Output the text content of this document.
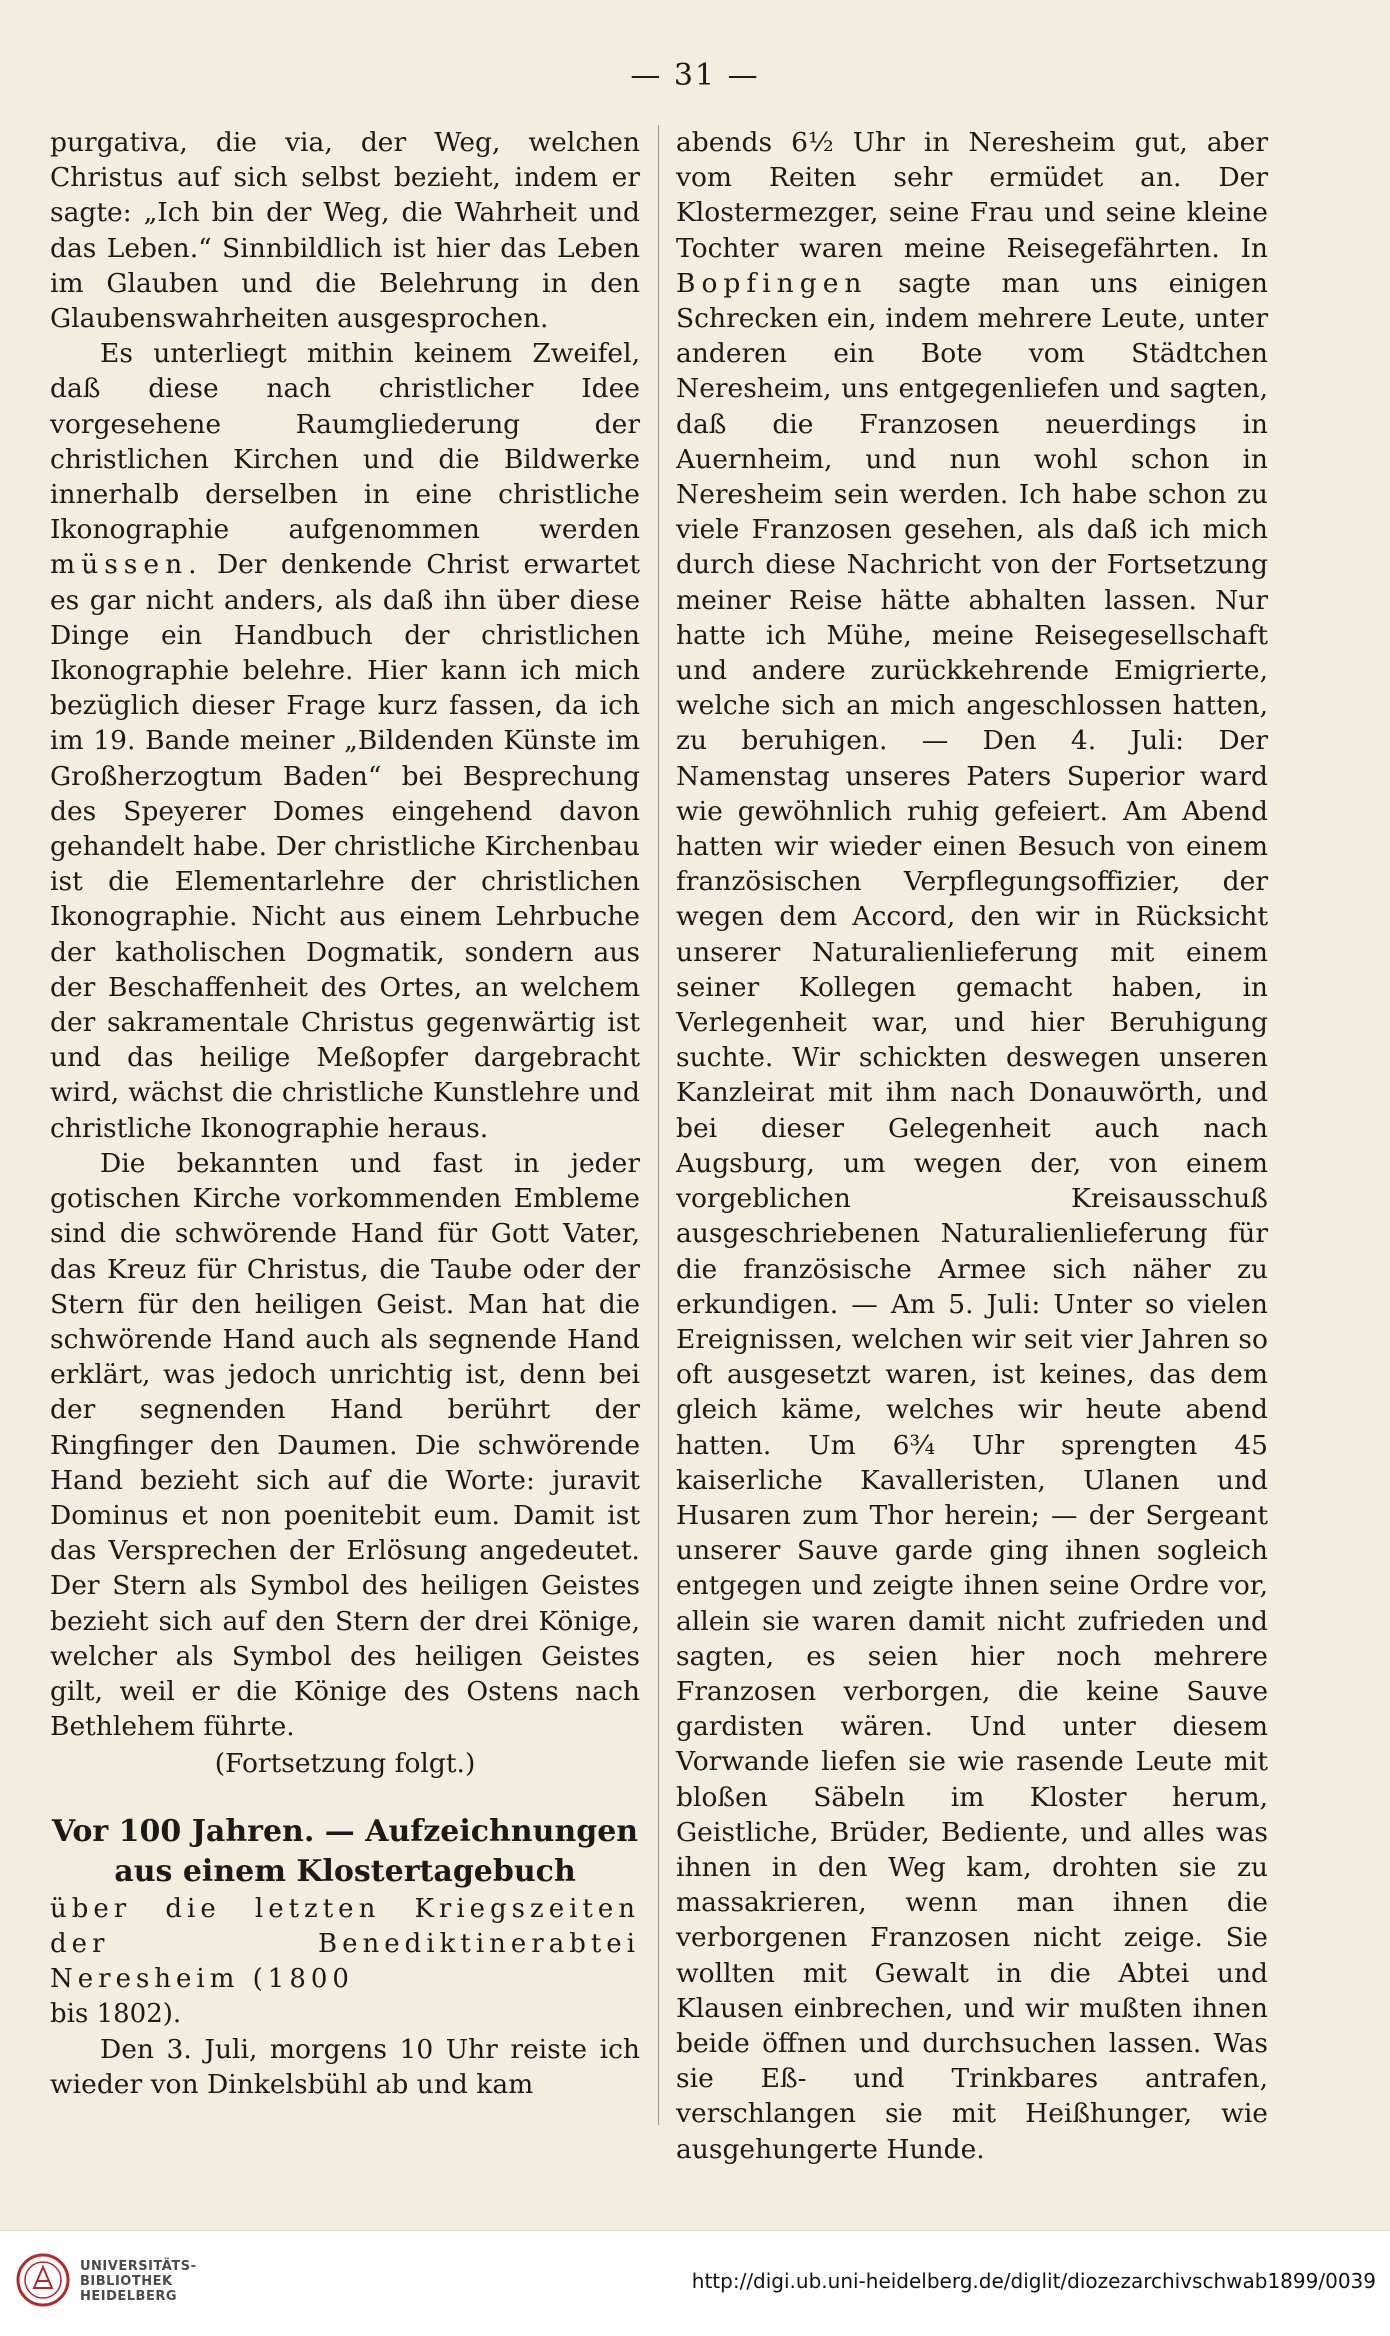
— 31 —

purgativa, die via, der Weg, welchen Christus auf sich selbst bezieht, indem er sagte: „Ich bin der Weg, die Wahrheit und das Leben.“ Sinnbildlich ist hier das Leben im Glauben und die Belehrung in den Glaubenswahrheiten ausgesprochen.

Es unterliegt mithin keinem Zweifel, daß diese nach christlicher Idee vorgesehene Raumgliederung der christlichen Kirchen und die Bildwerke innerhalb derselben in eine christliche Ikonographie aufgenommen werden müssen. Der denkende Christ erwartet es gar nicht anders, als daß ihn über diese Dinge ein Handbuch der christlichen Ikonographie belehre. Hier kann ich mich bezüglich dieser Frage kurz fassen, da ich im 19. Bande meiner „Bildenden Künste im Großherzogtum Baden“ bei Besprechung des Speyerer Domes eingehend davon gehandelt habe. Der christliche Kirchenbau ist die Elementarlehre der christlichen Ikonographie. Nicht aus einem Lehrbuche der katholischen Dogmatik, sondern aus der Beschaffenheit des Ortes, an welchem der sakramentale Christus gegenwärtig ist und das heilige Meßopfer dargebracht wird, wächst die christliche Kunstlehre und christliche Ikonographie heraus.

Die bekannten und fast in jeder gotischen Kirche vorkommenden Embleme sind die schwörende Hand für Gott Vater, das Kreuz für Christus, die Taube oder der Stern für den heiligen Geist. Man hat die schwörende Hand auch als segnende Hand erklärt, was jedoch unrichtig ist, denn bei der segnenden Hand berührt der Ringfinger den Daumen. Die schwörende Hand bezieht sich auf die Worte: juravit Dominus et non poenitebit eum. Damit ist das Versprechen der Erlösung angedeutet. Der Stern als Symbol des heiligen Geistes bezieht sich auf den Stern der drei Könige, welcher als Symbol des heiligen Geistes gilt, weil er die Könige des Ostens nach Bethlehem führte.

(Fortsetzung folgt.)

Vor 100 Jahren. — Aufzeichnungen
aus einem Klostertagebuch

über die letzten Kriegszeiten der Benediktinerabtei Neresheim (1800

bis 1802).

Den 3. Juli, morgens 10 Uhr reiste ich wieder von Dinkelsbühl ab und kam

abends 6½ Uhr in Neresheim gut, aber vom Reiten sehr ermüdet an. Der Klostermezger, seine Frau und seine kleine Tochter waren meine Reisegefährten. In Bopfingen sagte man uns einigen Schrecken ein, indem mehrere Leute, unter anderen ein Bote vom Städtchen Neresheim, uns entgegenliefen und sagten, daß die Franzosen neuerdings in Auernheim, und nun wohl schon in Neresheim sein werden. Ich habe schon zu viele Franzosen gesehen, als daß ich mich durch diese Nachricht von der Fortsetzung meiner Reise hätte abhalten lassen. Nur hatte ich Mühe, meine Reisegesellschaft und andere zurückkehrende Emigrierte, welche sich an mich angeschlossen hatten, zu beruhigen. — Den 4. Juli: Der Namenstag unseres Paters Superior ward wie gewöhnlich ruhig gefeiert. Am Abend hatten wir wieder einen Besuch von einem französischen Verpflegungsoffizier, der wegen dem Accord, den wir in Rücksicht unserer Naturalienlieferung mit einem seiner Kollegen gemacht haben, in Verlegenheit war, und hier Beruhigung suchte. Wir schickten deswegen unseren Kanzleirat mit ihm nach Donauwörth, und bei dieser Gelegenheit auch nach Augsburg, um wegen der, von einem vorgeblichen Kreisausschuß ausgeschriebenen Naturalienlieferung für die französische Armee sich näher zu erkundigen. — Am 5. Juli: Unter so vielen Ereignissen, welchen wir seit vier Jahren so oft ausgesetzt waren, ist keines, das dem gleich käme, welches wir heute abend hatten. Um 6¾ Uhr sprengten 45 kaiserliche Kavalleristen, Ulanen und Husaren zum Thor herein; — der Sergeant unserer Sauve garde ging ihnen sogleich entgegen und zeigte ihnen seine Ordre vor, allein sie waren damit nicht zufrieden und sagten, es seien hier noch mehrere Franzosen verborgen, die keine Sauve gardisten wären. Und unter diesem Vorwande liefen sie wie rasende Leute mit bloßen Säbeln im Kloster herum, Geistliche, Brüder, Bediente, und alles was ihnen in den Weg kam, drohten sie zu massakrieren, wenn man ihnen die verborgenen Franzosen nicht zeige. Sie wollten mit Gewalt in die Abtei und Klausen einbrechen, und wir mußten ihnen beide öffnen und durchsuchen lassen. Was sie Eß- und Trinkbares antrafen, verschlangen sie mit Heißhunger, wie ausgehungerte Hunde.

UNIVERSITÄTS-
BIBLIOTHEK
HEIDELBERG
http://digi.ub.uni-heidelberg.de/diglit/diozezarchivschwab1899/0039
